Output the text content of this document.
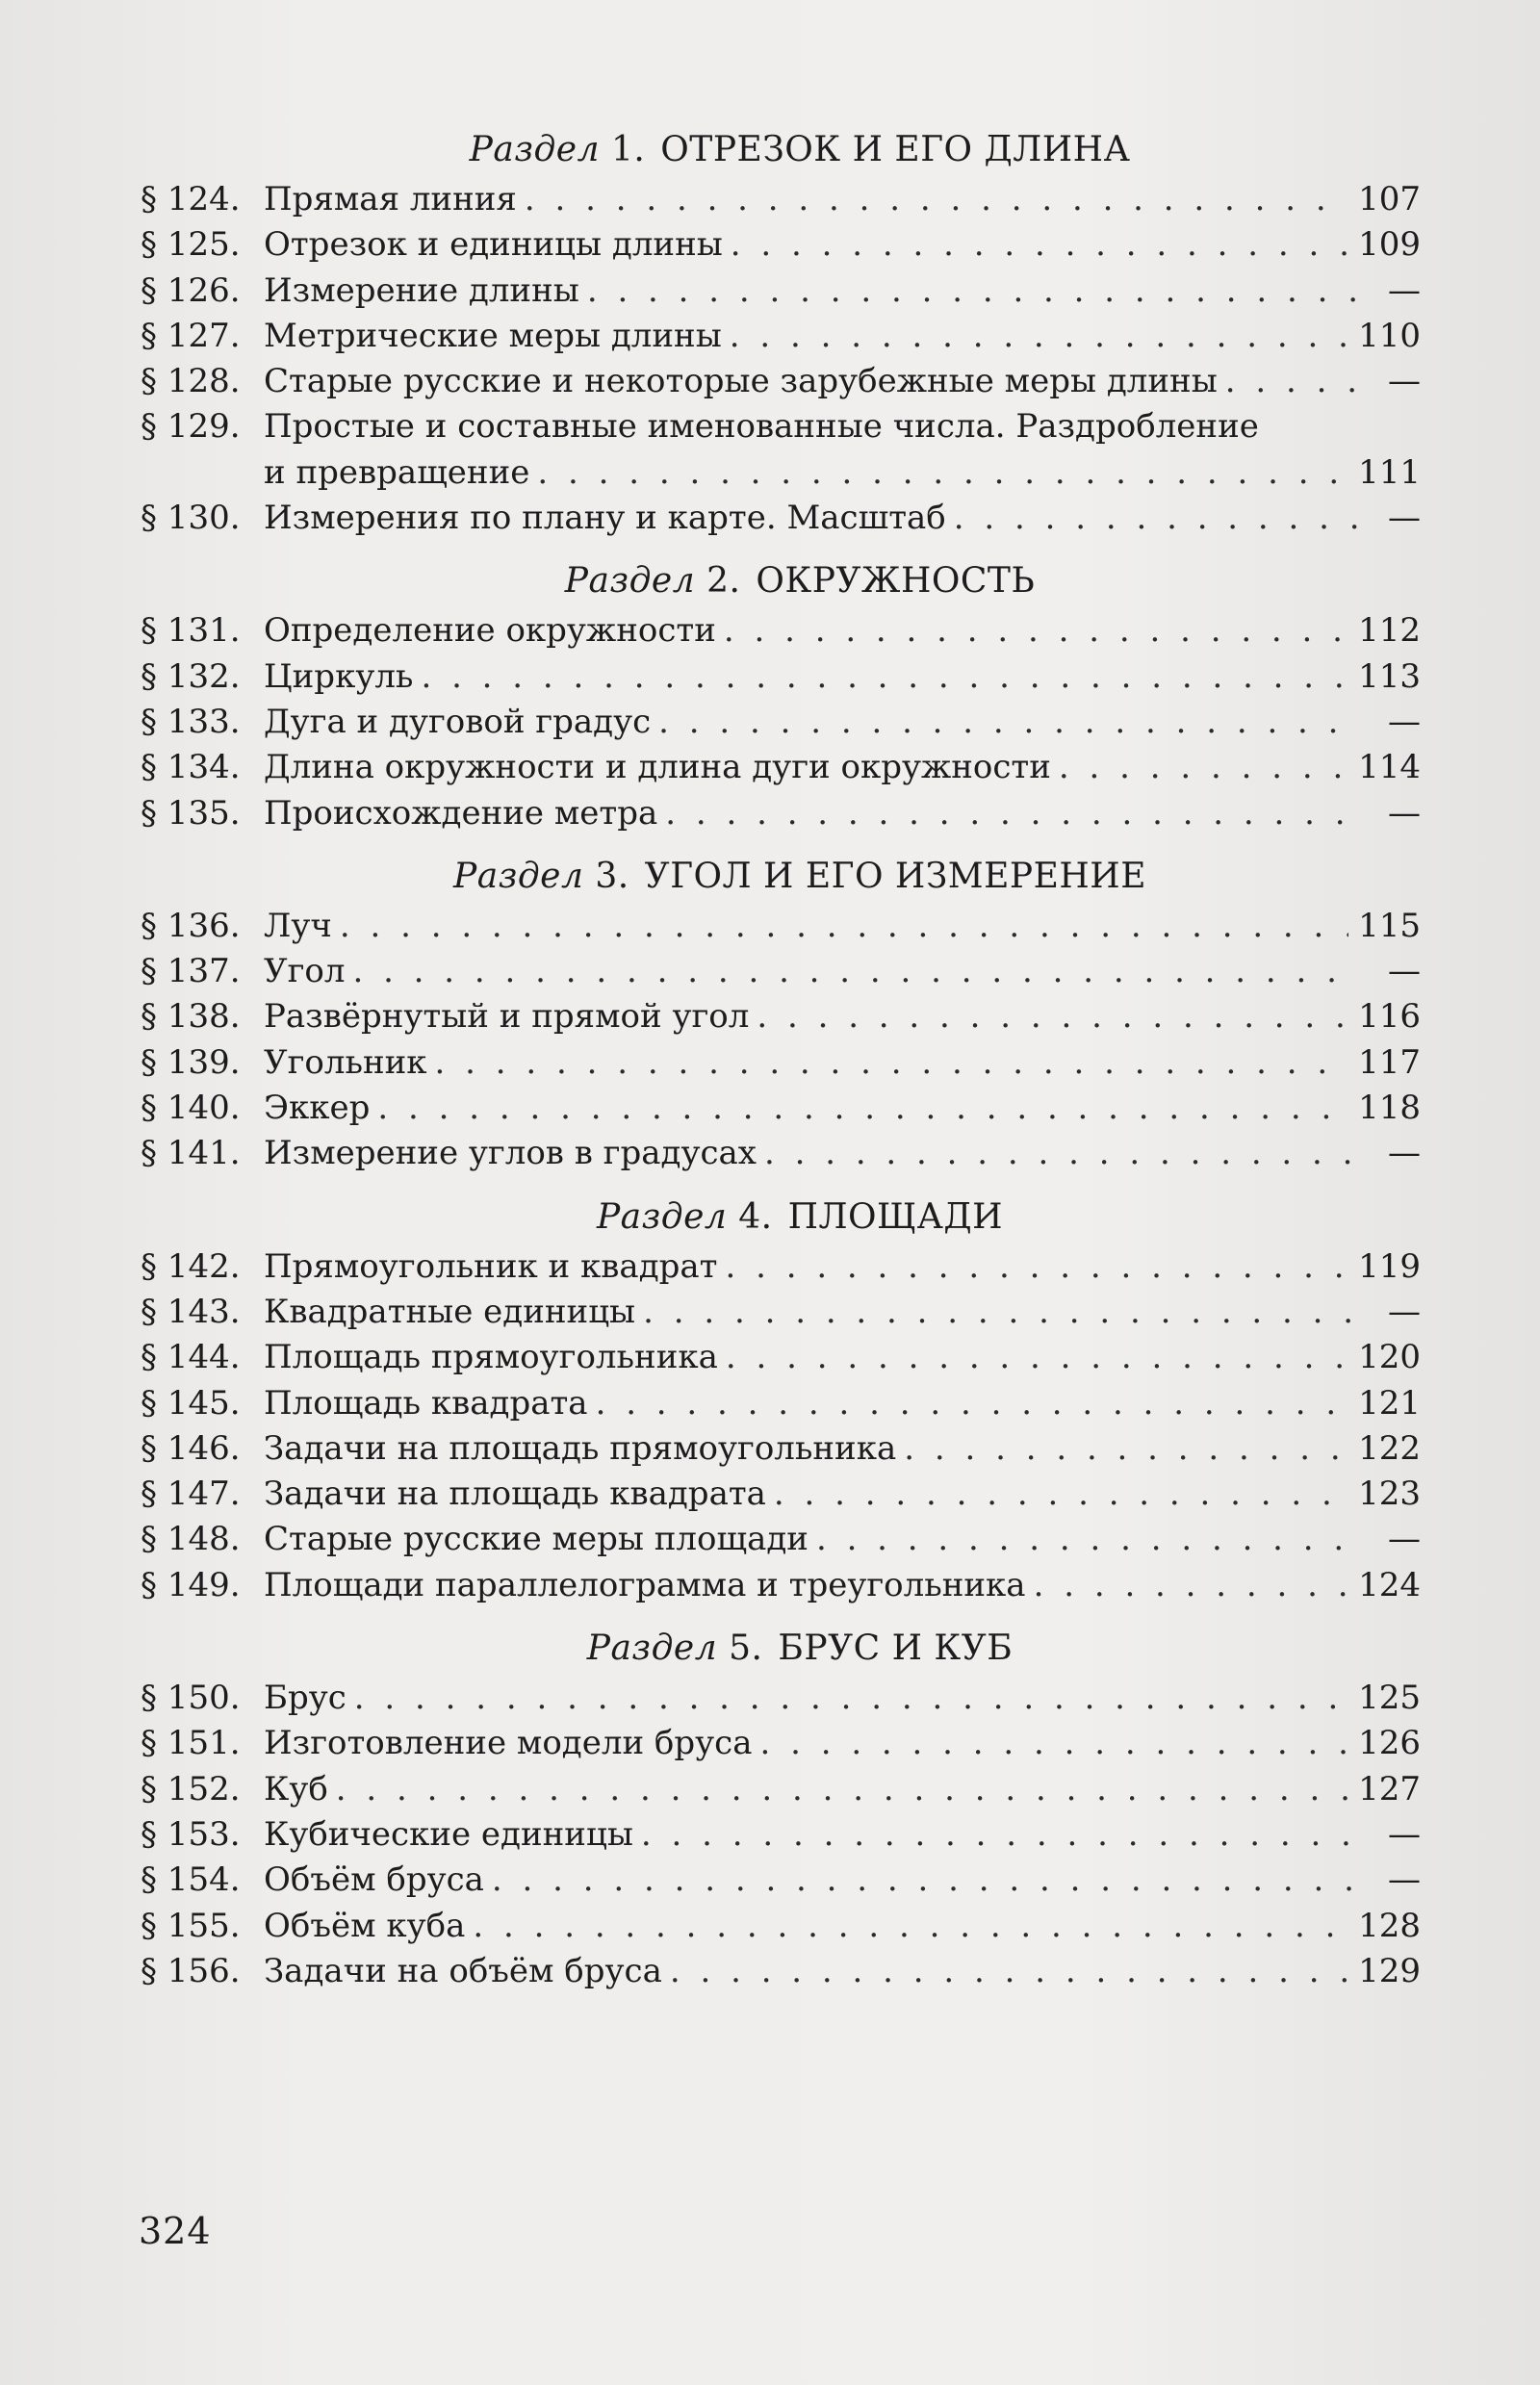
Раздел 1. ОТРЕЗОК И ЕГО ДЛИНА
§ 124. Прямая линия . . .	107
§ 125. Отрезок и единицы длины . . .	109
§ 126. Измерение длины . . .	—
§ 127. Метрические меры длины . . .	110
§ 128. Старые русские и некоторые зарубежные меры длины . . .	—
§ 129. Простые и составные именованные числа. Раздробление
и превращение . . .	111
§ 130. Измерения по плану и карте. Масштаб . . .	—
Раздел 2. ОКРУЖНОСТЬ
§ 131. Определение окружности . . .	112
§ 132. Циркуль . . .	113
§ 133. Дуга и дуговой градус . . .	—
§ 134. Длина окружности и длина дуги окружности . . .	114
§ 135. Происхождение метра . . .	—
Раздел 3. УГОЛ И ЕГО ИЗМЕРЕНИЕ
§ 136. Луч . . .	115
§ 137. Угол . . .	—
§ 138. Развёрнутый и прямой угол . . .	116
§ 139. Угольник . . .	117
§ 140. Эккер . . .	118
§ 141. Измерение углов в градусах . . .	—
Раздел 4. ПЛОЩАДИ
§ 142. Прямоугольник и квадрат . . .	119
§ 143. Квадратные единицы . . .	—
§ 144. Площадь прямоугольника . . .	120
§ 145. Площадь квадрата . . .	121
§ 146. Задачи на площадь прямоугольника . . .	122
§ 147. Задачи на площадь квадрата . . .	123
§ 148. Старые русские меры площади . . .	—
§ 149. Площади параллелограмма и треугольника . . .	124
Раздел 5. БРУС И КУБ
§ 150. Брус . . .	125
§ 151. Изготовление модели бруса . . .	126
§ 152. Куб . . .	127
§ 153. Кубические единицы . . .	—
§ 154. Объём бруса . . .	—
§ 155. Объём куба . . .	128
§ 156. Задачи на объём бруса . . .	129
324
